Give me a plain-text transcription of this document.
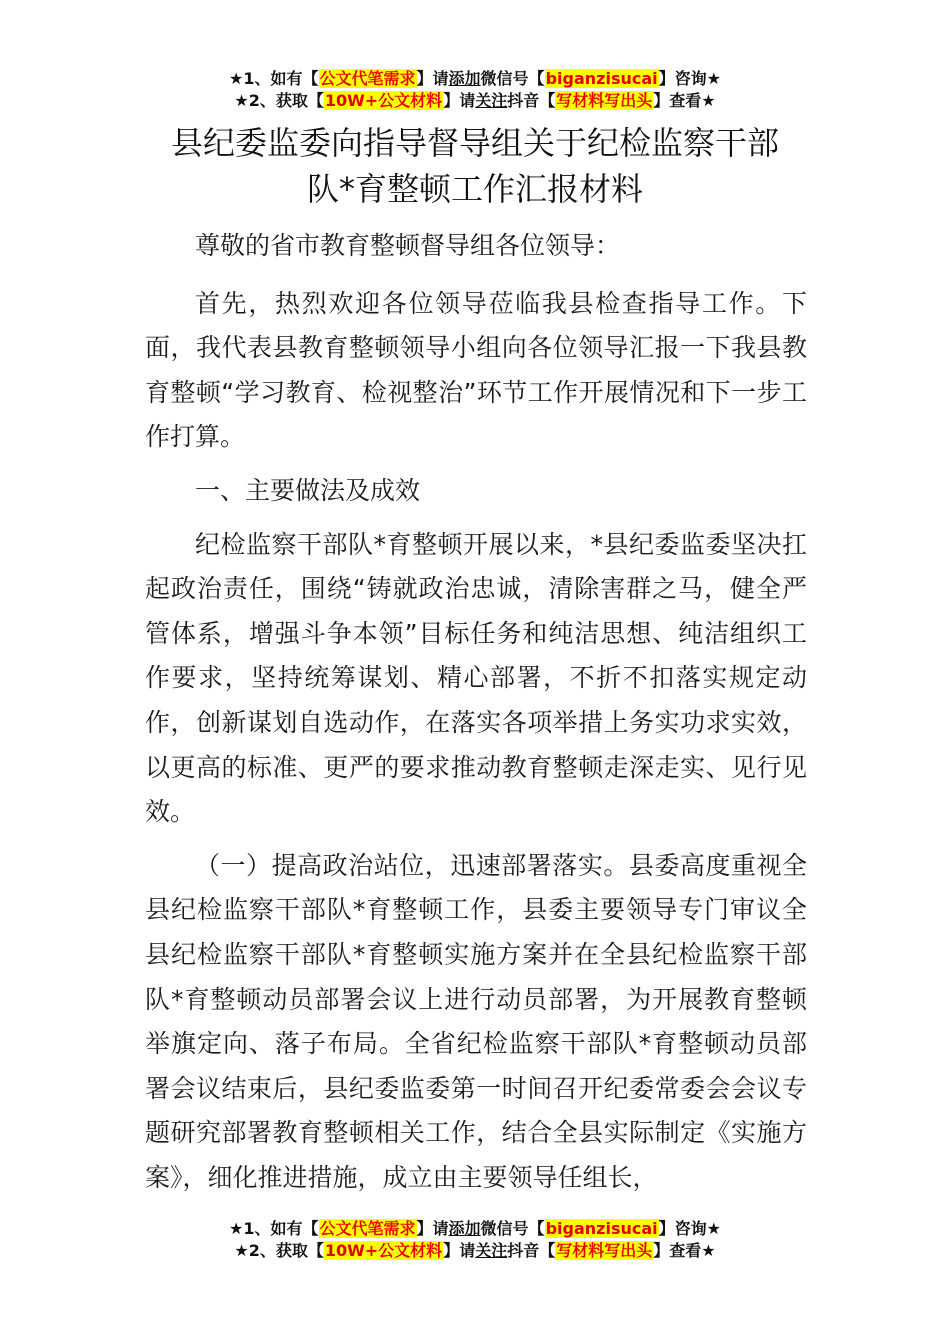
★1、如有【公文代笔需求】请添加微信号【biganzisucai】咨询★
★2、获取【10W+公文材料】请关注抖音【写材料写出头】查看★
县纪委监委向指导督导组关于纪检监察干部
队*育整顿工作汇报材料

尊敬的省市教育整顿督导组各位领导：

首先，热烈欢迎各位领导莅临我县检查指导工作。下面，我代表县教育整顿领导小组向各位领导汇报一下我县教育整顿“学习教育、检视整治”环节工作开展情况和下一步工作打算。

一、主要做法及成效

纪检监察干部队*育整顿开展以来，*县纪委监委坚决扛起政治责任，围绕“铸就政治忠诚，清除害群之马，健全严管体系，增强斗争本领”目标任务和纯洁思想、纯洁组织工作要求，坚持统筹谋划、精心部署，不折不扣落实规定动作，创新谋划自选动作，在落实各项举措上务实功求实效，以更高的标准、更严的要求推动教育整顿走深走实、见行见效。

（一）提高政治站位，迅速部署落实。县委高度重视全县纪检监察干部队*育整顿工作，县委主要领导专门审议全县纪检监察干部队*育整顿实施方案并在全县纪检监察干部队*育整顿动员部署会议上进行动员部署，为开展教育整顿举旗定向、落子布局。全省纪检监察干部队*育整顿动员部署会议结束后，县纪委监委第一时间召开纪委常委会会议专题研究部署教育整顿相关工作，结合全县实际制定《实施方案》，细化推进措施，成立由主要领导任组长，

★1、如有【公文代笔需求】请添加微信号【biganzisucai】咨询★
★2、获取【10W+公文材料】请关注抖音【写材料写出头】查看★
